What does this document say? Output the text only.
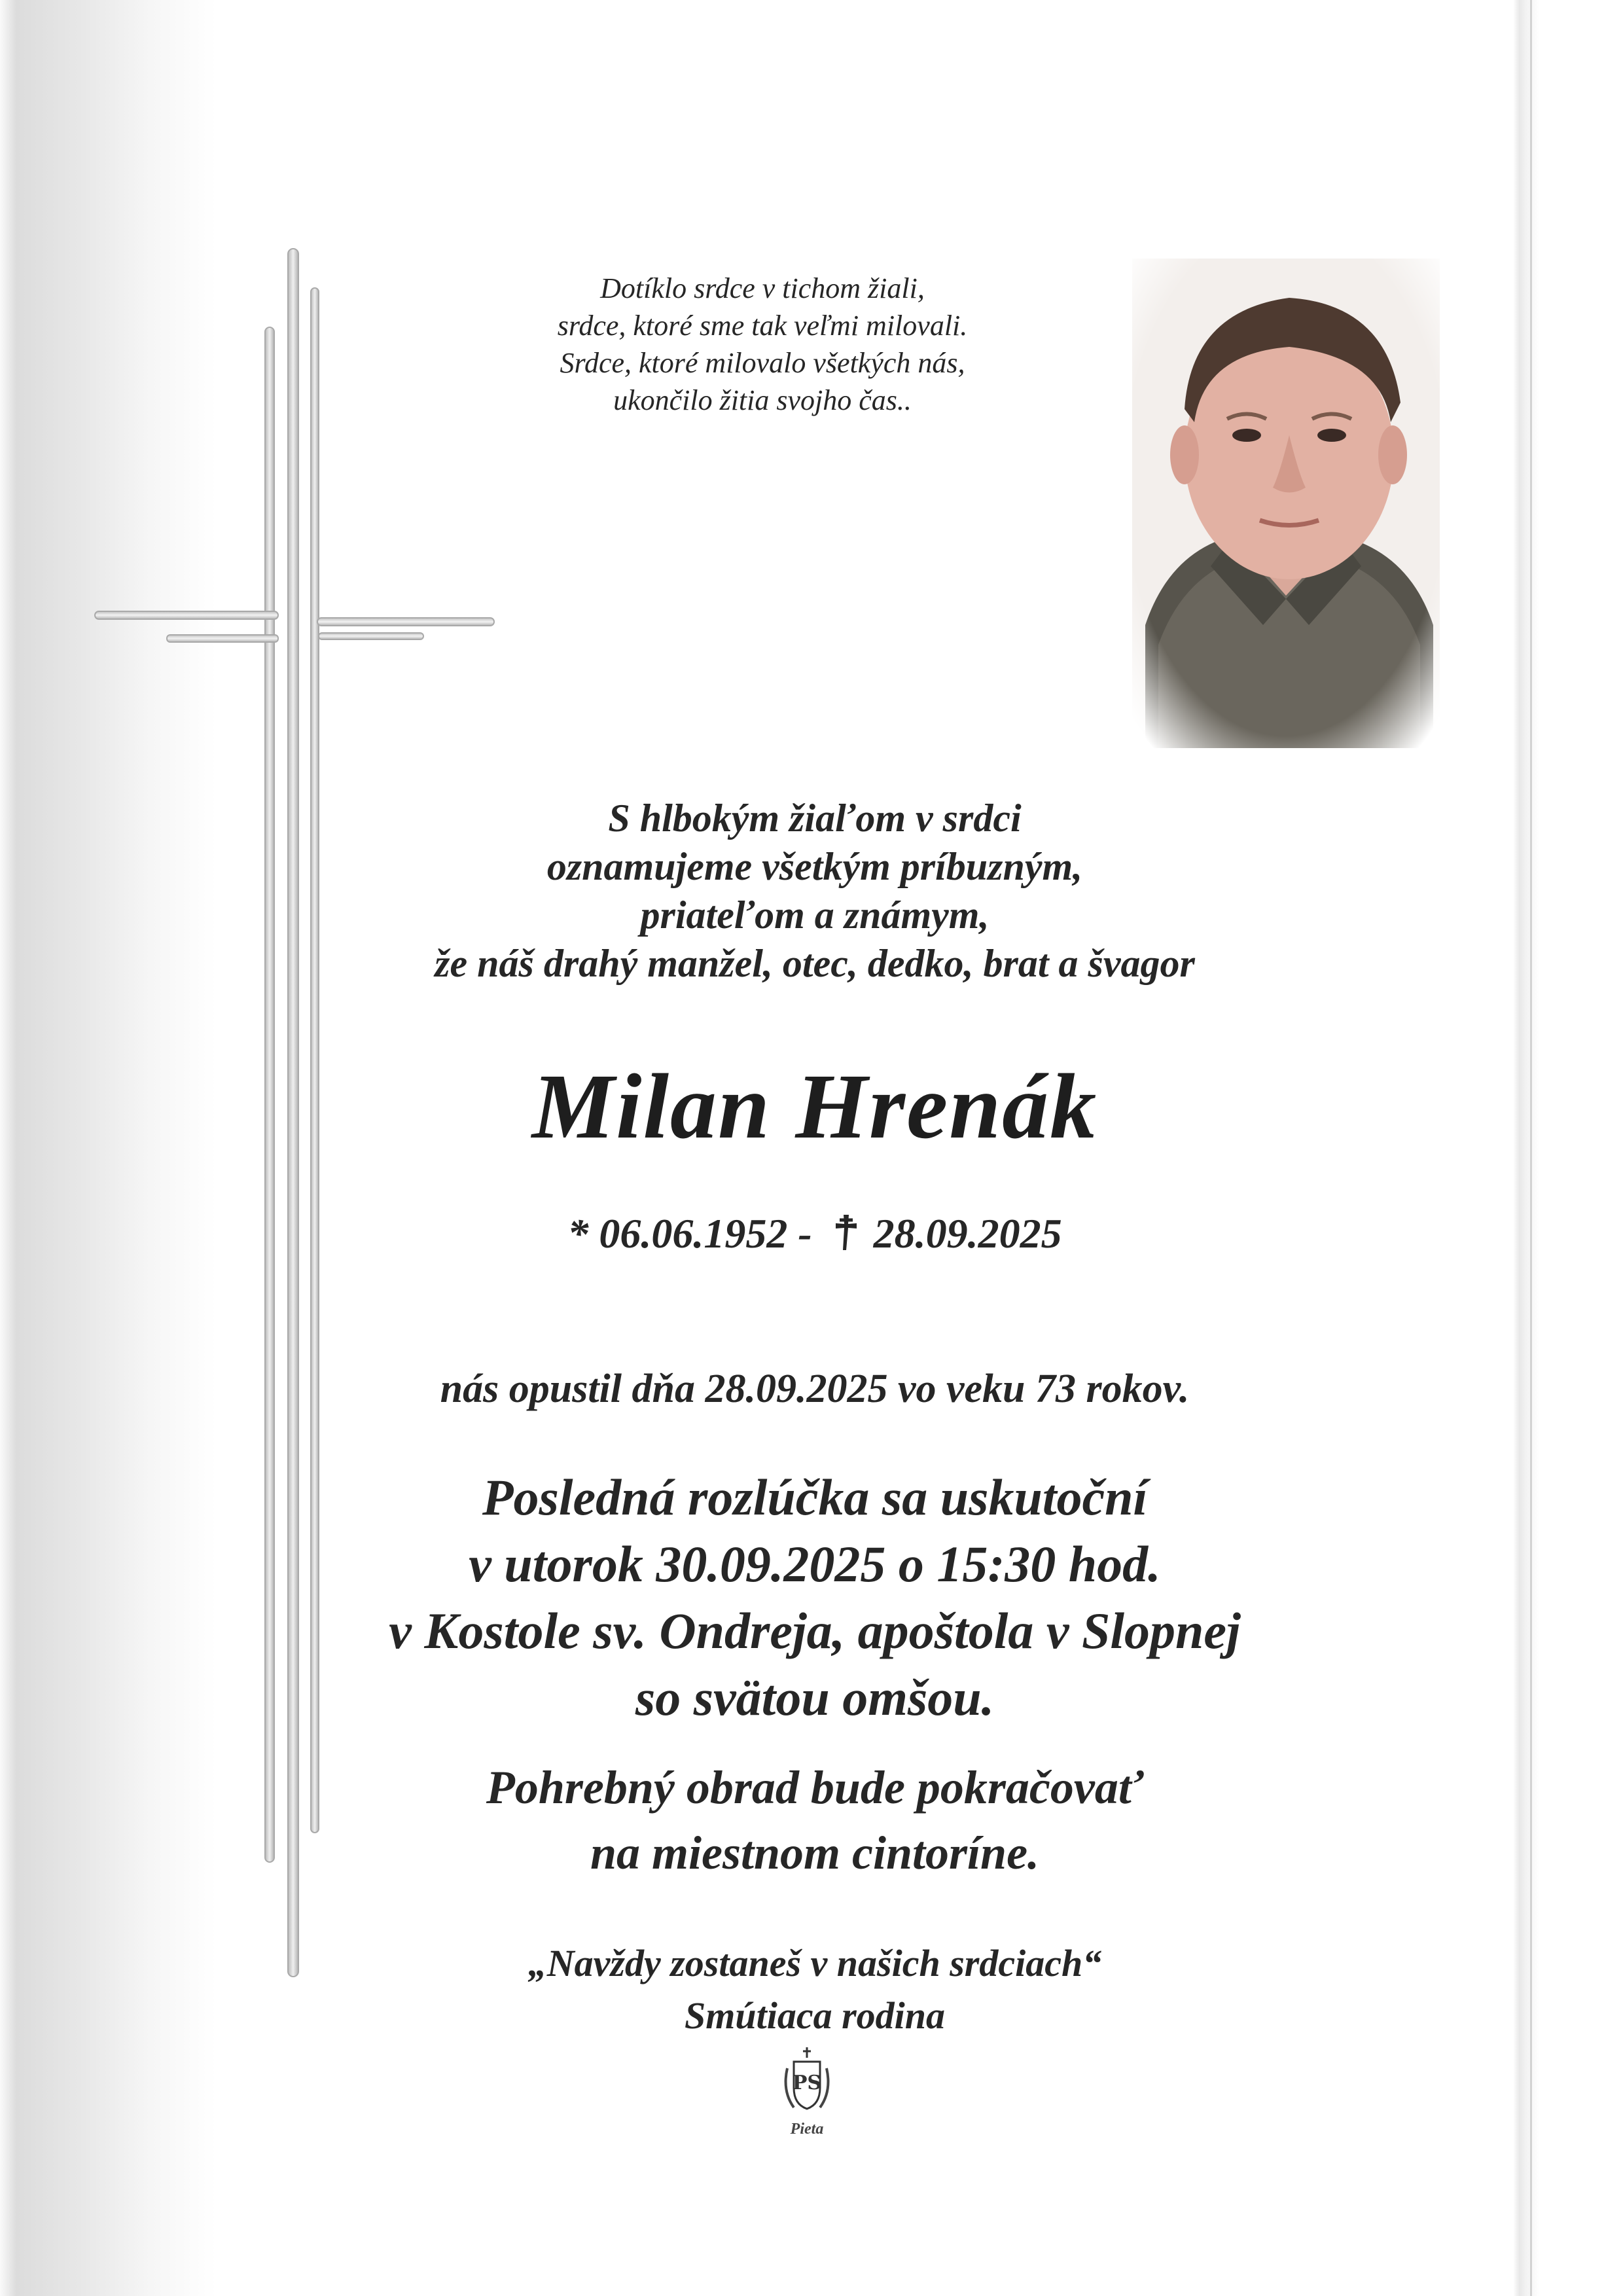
Dotíklo srdce v tichom žiali,
srdce, ktoré sme tak veľmi milovali.
Srdce, ktoré milovalo všetkých nás,
ukončilo žitia svojho čas..
S hlbokým žiaľom v srdci
oznamujeme všetkým príbuzným,
priateľom a známym,
že náš drahý manžel, otec, dedko, brat a švagor
Milan Hrenák
* 06.06.1952 - 28.09.2025
nás opustil dňa 28.09.2025 vo veku 73 rokov.
Posledná rozlúčka sa uskutoční
v utorok 30.09.2025 o 15:30 hod.
v Kostole sv. Ondreja, apoštola v Slopnej
so svätou omšou.
Pohrebný obrad bude pokračovať
na miestnom cintoríne.
„Navždy zostaneš v našich srdciach“
Smútiaca rodina
PS

Pieta
